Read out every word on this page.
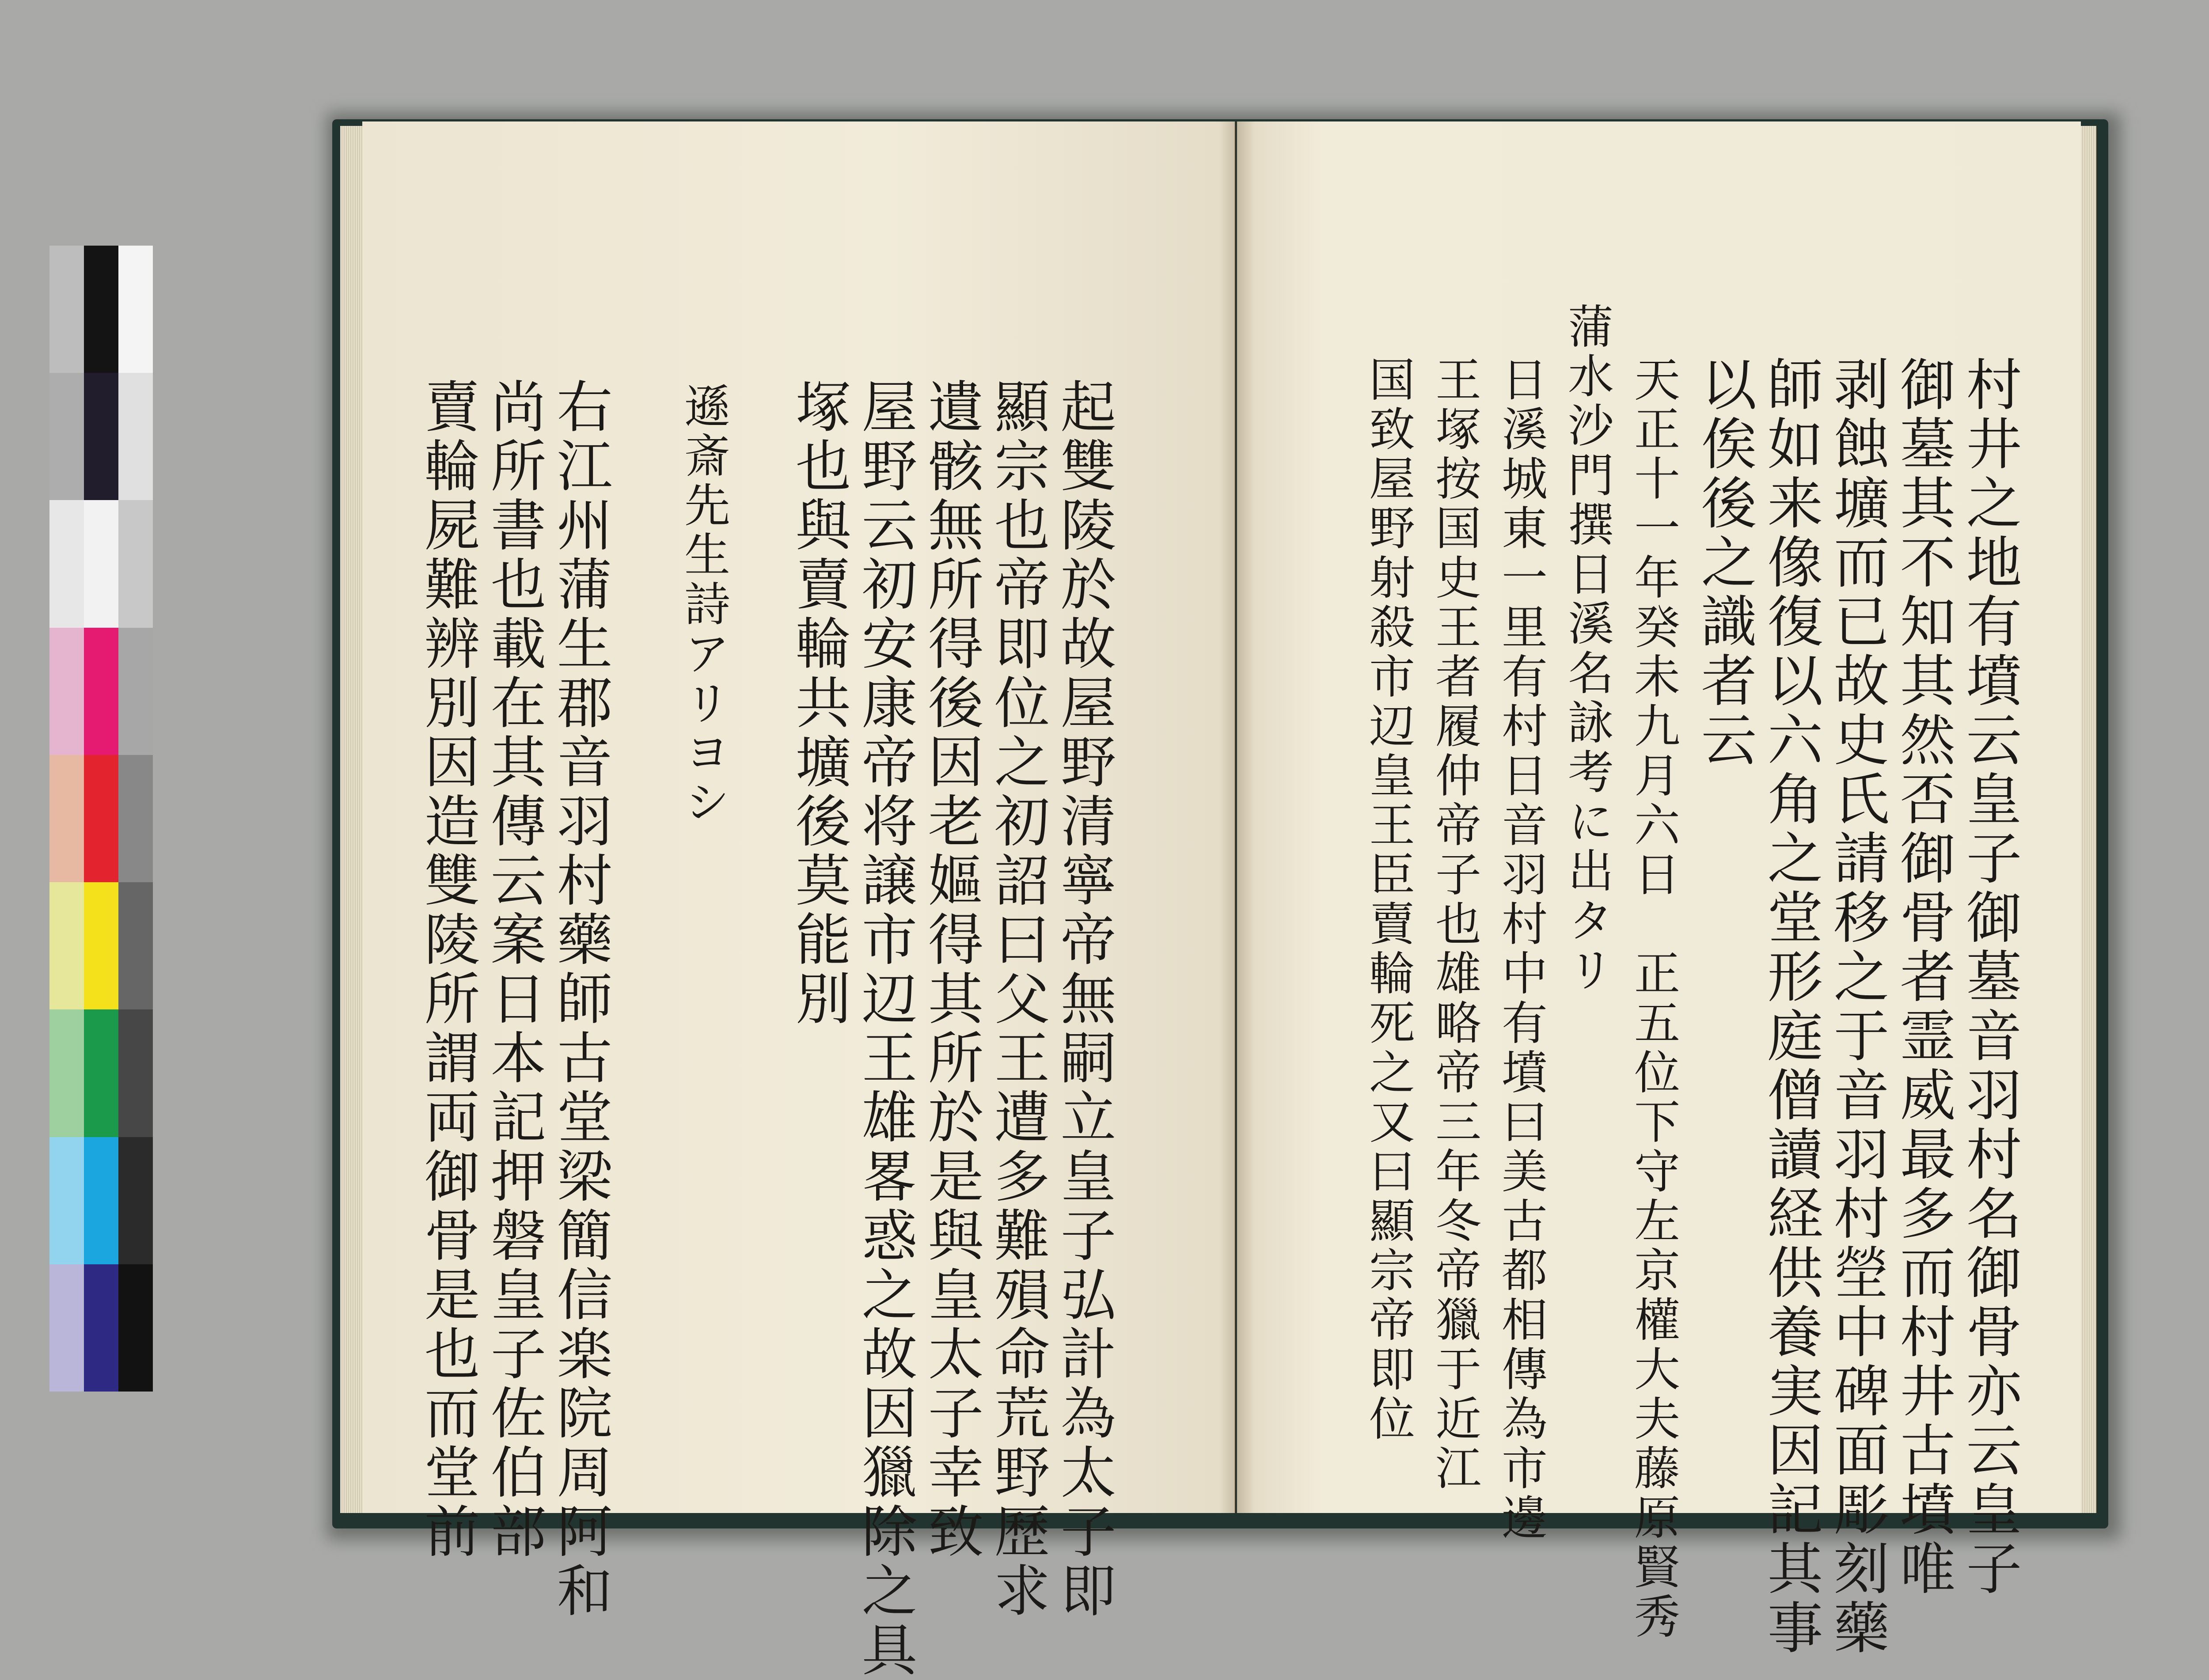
起雙陵於故屋野清寧帝無嗣立皇子弘計為太子即
顯宗也帝即位之初詔曰父王遭多難殞命荒野歷求
遺骸無所得後因老嫗得其所於是與皇太子幸致
屋野云初安康帝将譲市辺王雄畧惑之故因獵除之具
塚也與賣輪共壙後莫能別
遜斎先生詩アリヨシ
右江州蒲生郡音羽村藥師古堂梁簡信楽院周阿和
尚所書也載在其傳云案日本記押磐皇子佐伯部
賣輪屍難辨別因造雙陵所謂両御骨是也而堂前	村井之地有墳云皇子御墓音羽村名御骨亦云皇子
御墓其不知其然否御骨者霊威最多而村井古墳唯
剥蝕壙而已故史氏請移之于音羽村塋中碑面彫刻藥
師如来像復以六角之堂形庭僧讀経供養実因記其事
以俟後之識者云
天正十一年癸未九月六日　正五位下守左京權大夫藤原賢秀
蒲水沙門撰日溪名詠考に出タリ
日溪城東一里有村日音羽村中有墳曰美古都相傳為市邊
王塚按国史王者履仲帝子也雄略帝三年冬帝獵于近江
国致屋野射殺市辺皇王臣賣輪死之又曰顯宗帝即位
